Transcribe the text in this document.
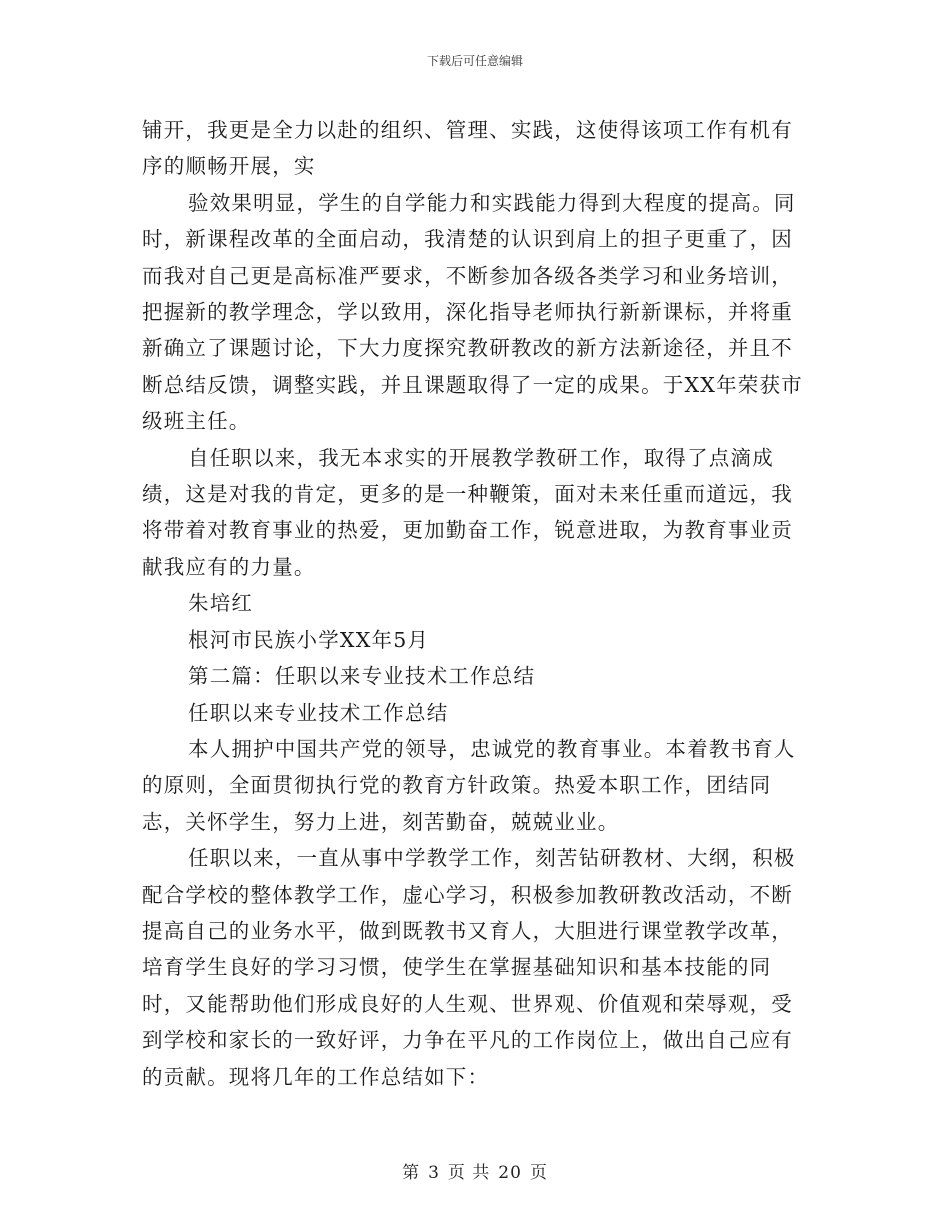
下载后可任意编辑

铺开，我更是全力以赴的组织、管理、实践，这使得该项工作有机有序的顺畅开展，实

验效果明显，学生的自学能力和实践能力得到大程度的提高。同时，新课程改革的全面启动，我清楚的认识到肩上的担子更重了，因而我对自己更是高标准严要求，不断参加各级各类学习和业务培训，把握新的教学理念，学以致用，深化指导老师执行新新课标，并将重新确立了课题讨论，下大力度探究教研教改的新方法新途径，并且不断总结反馈，调整实践，并且课题取得了一定的成果。于XX年荣获市级班主任。

自任职以来，我无本求实的开展教学教研工作，取得了点滴成绩，这是对我的肯定，更多的是一种鞭策，面对未来任重而道远，我将带着对教育事业的热爱，更加勤奋工作，锐意进取，为教育事业贡献我应有的力量。

朱培红

根河市民族小学XX年5月

第二篇：任职以来专业技术工作总结

任职以来专业技术工作总结

本人拥护中国共产党的领导，忠诚党的教育事业。本着教书育人的原则，全面贯彻执行党的教育方针政策。热爱本职工作，团结同志，关怀学生，努力上进，刻苦勤奋，兢兢业业。

任职以来，一直从事中学教学工作，刻苦钻研教材、大纲，积极配合学校的整体教学工作，虚心学习，积极参加教研教改活动，不断提高自己的业务水平，做到既教书又育人，大胆进行课堂教学改革，培育学生良好的学习习惯，使学生在掌握基础知识和基本技能的同时，又能帮助他们形成良好的人生观、世界观、价值观和荣辱观，受到学校和家长的一致好评，力争在平凡的工作岗位上，做出自己应有的贡献。现将几年的工作总结如下：

第 3 页 共 20 页
